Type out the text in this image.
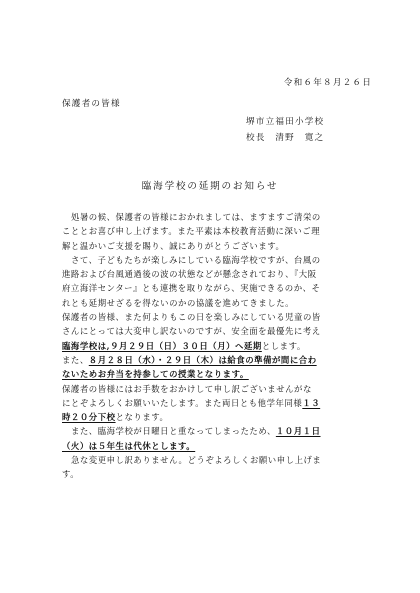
令和６年８月２６日
保護者の皆様
堺市立福田小学校
校長　清野　寛之
臨海学校の延期のお知らせ

　処暑の候、保護者の皆様におかれましては、ますますご清栄の

こととお喜び申し上げます。また平素は本校教育活動に深いご理

解と温かいご支援を賜り、誠にありがとうございます。

　さて、子どもたちが楽しみにしている臨海学校ですが、台風の

進路および台風通過後の波の状態などが懸念されており、『大阪

府立海洋センター』とも連携を取りながら、実施できるのか、そ

れとも延期せざるを得ないのかの協議を進めてきました。

保護者の皆様、また何よりもこの日を楽しみにしている児童の皆

さんにとっては大変申し訳ないのですが、安全面を最優先に考え

臨海学校は,９月２９日（日）３０日（月）へ延期とします。

また、８月２８日（水）・２９日（木）は給食の準備が間に合わ

ないためお弁当を持参しての授業となります。

保護者の皆様にはお手数をおかけして申し訳ございませんがな

にとぞよろしくお願いいたします。また両日とも他学年同様１３

時２０分下校となります。

　また、臨海学校が日曜日と重なってしまったため、１０月１日

（火）は５年生は代休とします。

　急な変更申し訳ありません。どうぞよろしくお願い申し上げま

す。
